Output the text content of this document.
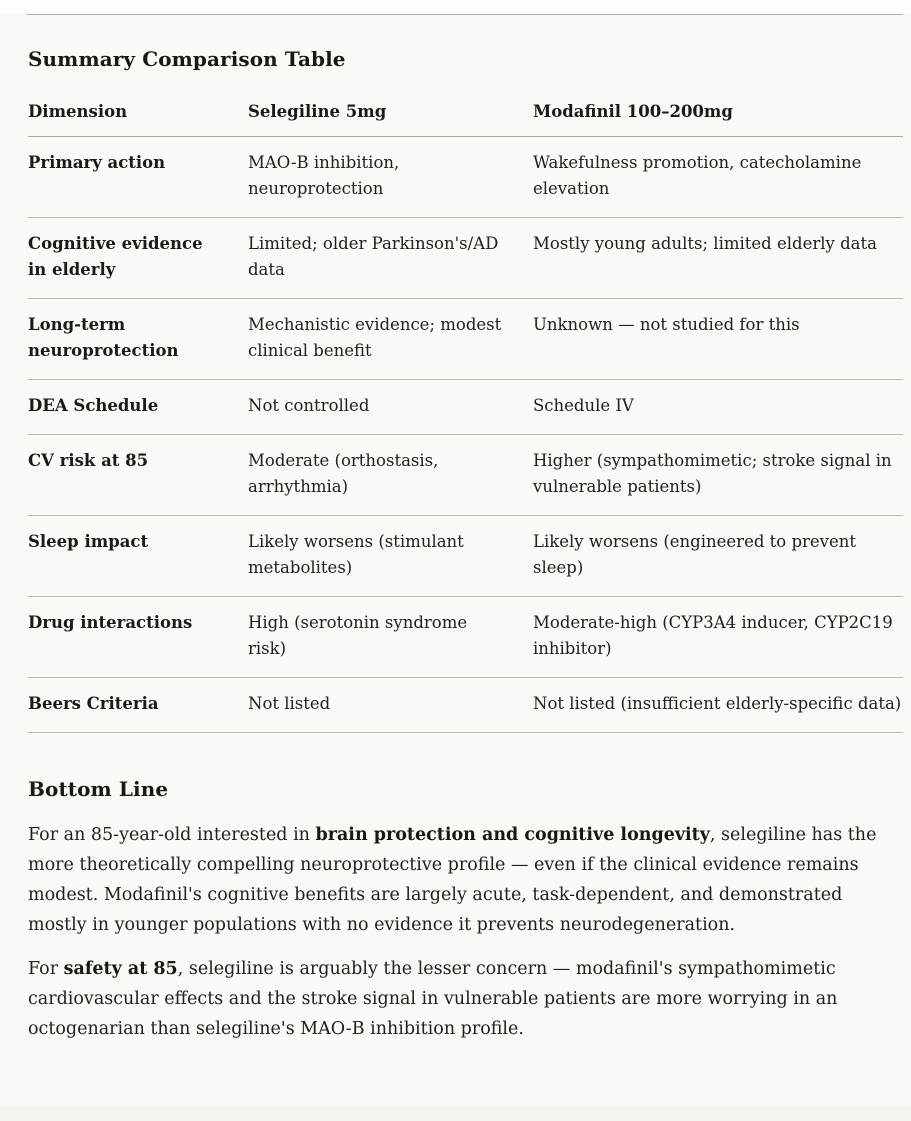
Summary Comparison Table
Dimension	Selegiline 5mg	Modafinil 100–200mg
Primary action	MAO-B inhibition, neuroprotection	Wakefulness promotion, catecholamine elevation
Cognitive evidence in elderly	Limited; older Parkinson's/AD data	Mostly young adults; limited elderly data
Long-term neuroprotection	Mechanistic evidence; modest clinical benefit	Unknown — not studied for this
DEA Schedule	Not controlled	Schedule IV
CV risk at 85	Moderate (orthostasis, arrhythmia)	Higher (sympathomimetic; stroke signal in vulnerable patients)
Sleep impact	Likely worsens (stimulant metabolites)	Likely worsens (engineered to prevent sleep)
Drug interactions	High (serotonin syndrome risk)	Moderate-high (CYP3A4 inducer, CYP2C19 inhibitor)
Beers Criteria	Not listed	Not listed (insufficient elderly-specific data)
Bottom Line

For an 85-year-old interested in brain protection and cognitive longevity, selegiline has the more theoretically compelling neuroprotective profile — even if the clinical evidence remains modest. Modafinil's cognitive benefits are largely acute, task-dependent, and demonstrated mostly in younger populations with no evidence it prevents neurodegeneration.

For safety at 85, selegiline is arguably the lesser concern — modafinil's sympathomimetic cardiovascular effects and the stroke signal in vulnerable patients are more worrying in an octogenarian than selegiline's MAO-B inhibition profile.
